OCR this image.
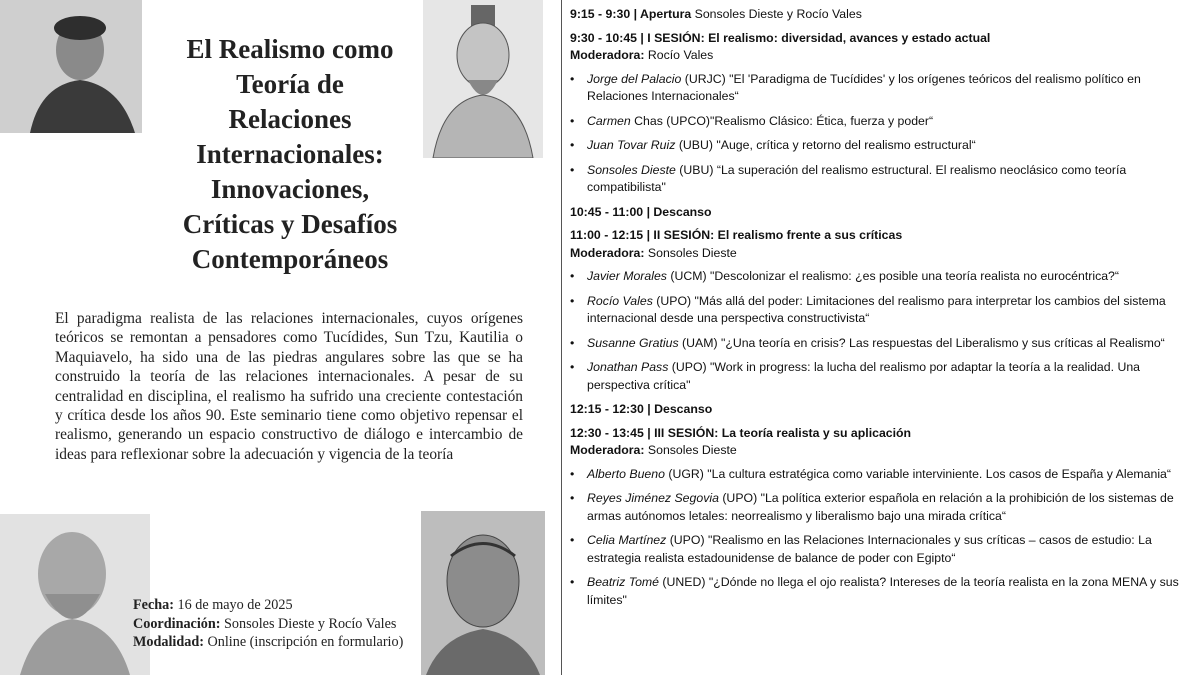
El Realismo como
Teoría de
Relaciones
Internacionales:
Innovaciones,
Críticas y Desafíos
Contemporáneos
El paradigma realista de las relaciones internacionales, cuyos orígenes teóricos se remontan a pensadores como Tucídides, Sun Tzu, Kautilia o Maquiavelo, ha sido una de las piedras angulares sobre las que se ha construido la teoría de las relaciones internacionales. A pesar de su centralidad en disciplina, el realismo ha sufrido una creciente contestación y crítica desde los años 90. Este seminario tiene como objetivo repensar el realismo, generando un espacio constructivo de diálogo e intercambio de ideas para reflexionar sobre la adecuación y vigencia de la teoría
Fecha: 16 de mayo de 2025
Coordinación: Sonsoles Dieste y Rocío Vales
Modalidad: Online (inscripción en formulario)
9:15 - 9:30 | Apertura Sonsoles Dieste y Rocío Vales
9:30 - 10:45 | I SESIÓN: El realismo: diversidad, avances y estado actual
Moderadora: Rocío Vales
• Jorge del Palacio (URJC) "El 'Paradigma de Tucídides' y los orígenes teóricos del realismo político en Relaciones Internacionales“
• Carmen Chas (UPCO)"Realismo Clásico: Ética, fuerza y poder“
• Juan Tovar Ruiz (UBU) "Auge, crítica y retorno del realismo estructural“
• Sonsoles Dieste (UBU) “La superación del realismo estructural. El realismo neoclásico como teoría compatibilista"
10:45 - 11:00 | Descanso
11:00 - 12:15 | II SESIÓN: El realismo frente a sus críticas
Moderadora: Sonsoles Dieste
• Javier Morales (UCM) "Descolonizar el realismo: ¿es posible una teoría realista no eurocéntrica?“
• Rocío Vales (UPO) "Más allá del poder: Limitaciones del realismo para interpretar los cambios del sistema internacional desde una perspectiva constructivista“
• Susanne Gratius (UAM) "¿Una teoría en crisis? Las respuestas del Liberalismo y sus críticas al Realismo“
• Jonathan Pass (UPO) "Work in progress: la lucha del realismo por adaptar la teoría a la realidad. Una perspectiva crítica"
12:15 - 12:30 | Descanso
12:30 - 13:45 | III SESIÓN: La teoría realista y su aplicación
Moderadora: Sonsoles Dieste
• Alberto Bueno (UGR) "La cultura estratégica como variable interviniente. Los casos de España y Alemania“
• Reyes Jiménez Segovia (UPO) "La política exterior española en relación a la prohibición de los sistemas de armas autónomos letales: neorrealismo y liberalismo bajo una mirada crítica“
• Celia Martínez (UPO) "Realismo en las Relaciones Internacionales y sus críticas – casos de estudio: La estrategia realista estadounidense de balance de poder con Egipto“
• Beatriz Tomé (UNED) "¿Dónde no llega el ojo realista? Intereses de la teoría realista en la zona MENA y sus límites"
